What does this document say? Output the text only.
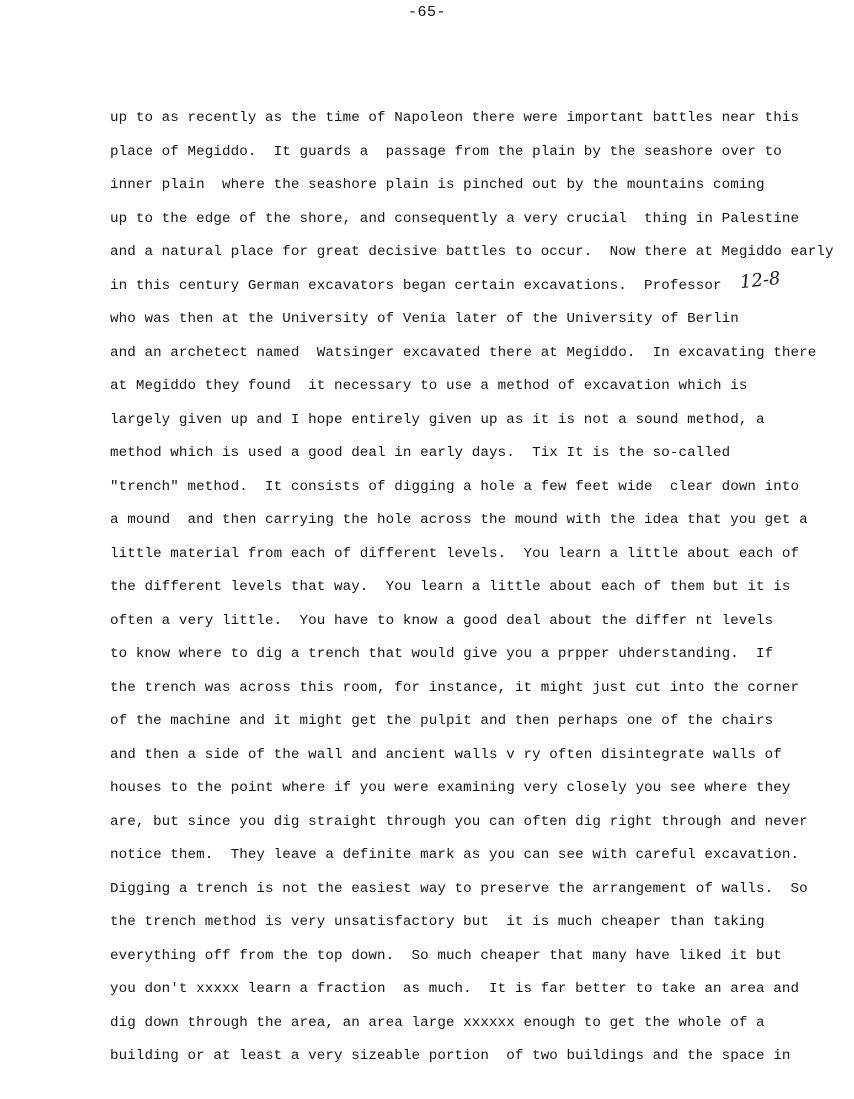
-65-
12-8
up to as recently as the time of Napoleon there were important battles near this
place of Megiddo.  It guards a  passage from the plain by the seashore over to
inner plain  where the seashore plain is pinched out by the mountains coming
up to the edge of the shore, and consequently a very crucial  thing in Palestine
and a natural place for great decisive battles to occur.  Now there at Megiddo early
in this century German excavators began certain excavations.  Professor
who was then at the University of Venia later of the University of Berlin
and an archetect named  Watsinger excavated there at Megiddo.  In excavating there
at Megiddo they found  it necessary to use a method of excavation which is
largely given up and I hope entirely given up as it is not a sound method, a
method which is used a good deal in early days.  Tix It is the so-called
"trench" method.  It consists of digging a hole a few feet wide  clear down into
a mound  and then carrying the hole across the mound with the idea that you get a
little material from each of different levels.  You learn a little about each of
the different levels that way.  You learn a little about each of them but it is
often a very little.  You have to know a good deal about the differ nt levels
to know where to dig a trench that would give you a prpper uhderstanding.  If
the trench was across this room, for instance, it might just cut into the corner
of the machine and it might get the pulpit and then perhaps one of the chairs
and then a side of the wall and ancient walls v ry often disintegrate walls of
houses to the point where if you were examining very closely you see where they
are, but since you dig straight through you can often dig right through and never
notice them.  They leave a definite mark as you can see with careful excavation.
Digging a trench is not the easiest way to preserve the arrangement of walls.  So
the trench method is very unsatisfactory but  it is much cheaper than taking
everything off from the top down.  So much cheaper that many have liked it but
you don't xxxxx learn a fraction  as much.  It is far better to take an area and
dig down through the area, an area large xxxxxx enough to get the whole of a
building or at least a very sizeable portion  of two buildings and the space in
